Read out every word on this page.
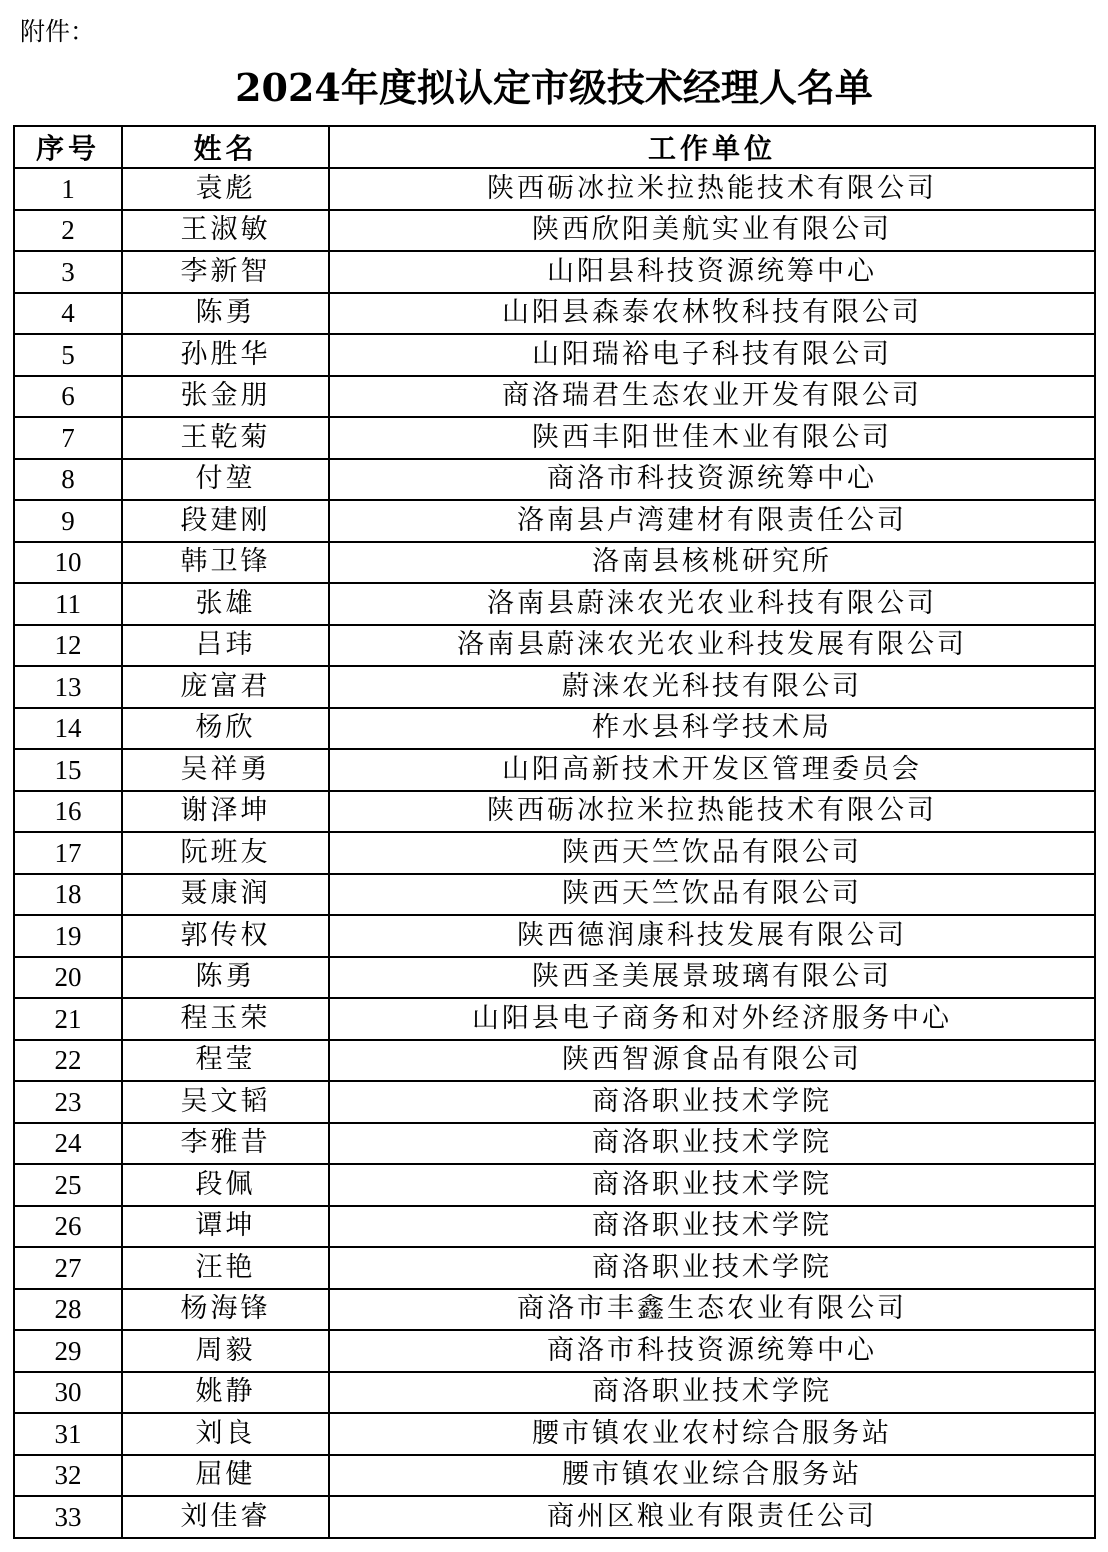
附件：
2024年度拟认定市级技术经理人名单
序号	姓名	工作单位
1	袁彪	陕西砺冰拉米拉热能技术有限公司
2	王淑敏	陕西欣阳美航实业有限公司
3	李新智	山阳县科技资源统筹中心
4	陈勇	山阳县森泰农林牧科技有限公司
5	孙胜华	山阳瑞裕电子科技有限公司
6	张金朋	商洛瑞君生态农业开发有限公司
7	王乾菊	陕西丰阳世佳木业有限公司
8	付堃	商洛市科技资源统筹中心
9	段建刚	洛南县卢湾建材有限责任公司
10	韩卫锋	洛南县核桃研究所
11	张雄	洛南县蔚涞农光农业科技有限公司
12	吕玮	洛南县蔚涞农光农业科技发展有限公司
13	庞富君	蔚涞农光科技有限公司
14	杨欣	柞水县科学技术局
15	吴祥勇	山阳高新技术开发区管理委员会
16	谢泽坤	陕西砺冰拉米拉热能技术有限公司
17	阮班友	陕西天竺饮品有限公司
18	聂康润	陕西天竺饮品有限公司
19	郭传权	陕西德润康科技发展有限公司
20	陈勇	陕西圣美展景玻璃有限公司
21	程玉荣	山阳县电子商务和对外经济服务中心
22	程莹	陕西智源食品有限公司
23	吴文韬	商洛职业技术学院
24	李雅昔	商洛职业技术学院
25	段佩	商洛职业技术学院
26	谭坤	商洛职业技术学院
27	汪艳	商洛职业技术学院
28	杨海锋	商洛市丰鑫生态农业有限公司
29	周毅	商洛市科技资源统筹中心
30	姚静	商洛职业技术学院
31	刘良	腰市镇农业农村综合服务站
32	屈健	腰市镇农业综合服务站
33	刘佳睿	商州区粮业有限责任公司
